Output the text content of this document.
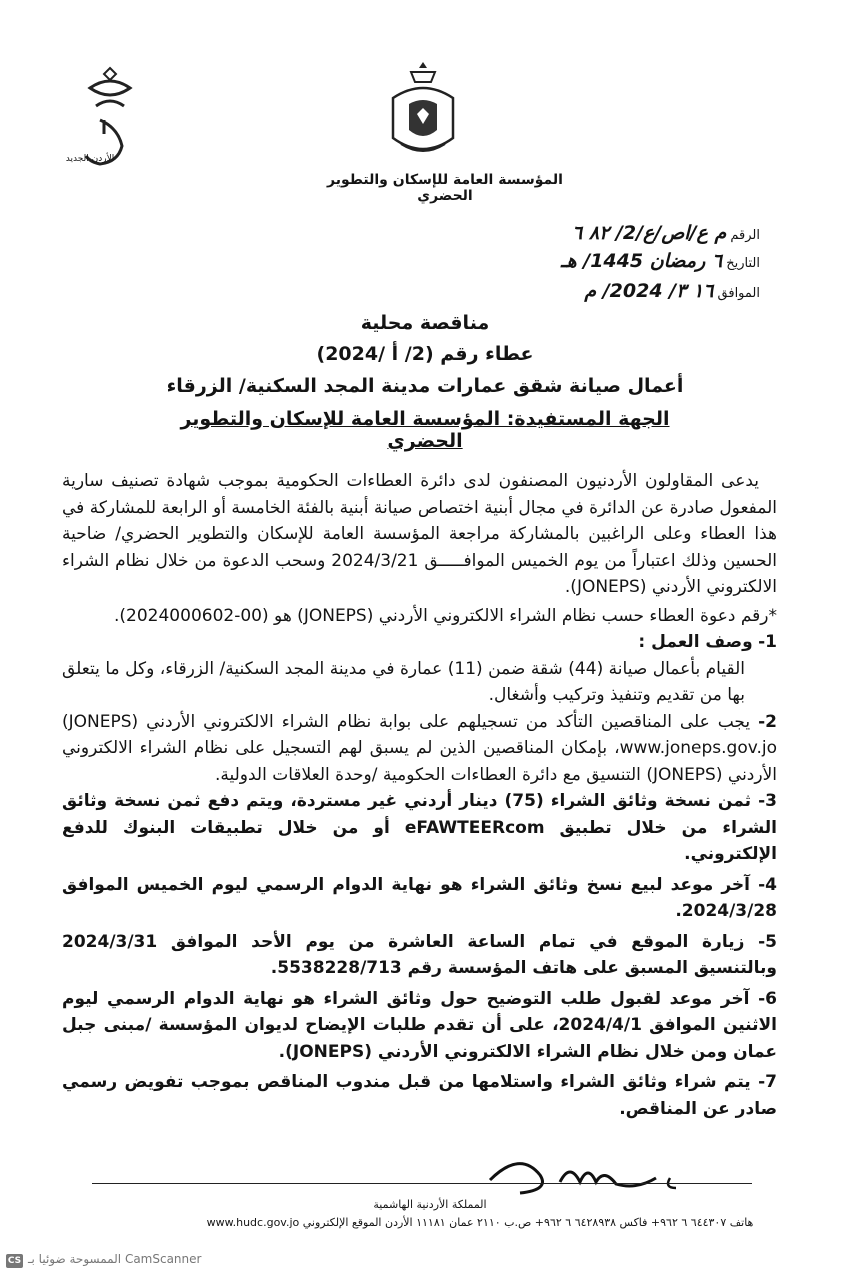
الأردن الجديد
المؤسسة العامة للإسكان والتطوير الحضري
الرقم م ع/اص/ع/2/ ٨٢ ٦
التاريخ ٦ رمضان 1445/ هـ
الموافق ١٦ ٣/ 2024/ م
مناقصة محلية
عطاء رقم (2/ أ /2024)
أعمال صيانة شقق عمارات مدينة المجد السكنية/ الزرقاء
الجهة المستفيدة: المؤسسة العامة للإسكان والتطوير الحضري

يدعى المقاولون الأردنيون المصنفون لدى دائرة العطاءات الحكومية بموجب شهادة تصنيف سارية المفعول صادرة عن الدائرة في مجال أبنية اختصاص صيانة أبنية بالفئة الخامسة أو الرابعة للمشاركة في هذا العطاء وعلى الراغبين بالمشاركة مراجعة المؤسسة العامة للإسكان والتطوير الحضري/ ضاحية الحسين وذلك اعتباراً من يوم الخميس الموافـــــق 2024/3/21 وسحب الدعوة من خلال نظام الشراء الالكتروني الأردني (JONEPS).

*رقم دعوة العطاء حسب نظام الشراء الالكتروني الأردني (JONEPS) هو (00-2024000602).

1- وصف العمل :
القيام بأعمال صيانة (44) شقة ضمن (11) عمارة في مدينة المجد السكنية/ الزرقاء، وكل ما يتعلق بها من تقديم وتنفيذ وتركيب وأشغال.
2- يجب على المناقصين التأكد من تسجيلهم على بوابة نظام الشراء الالكتروني الأردني (JONEPS) www.joneps.gov.jo، بإمكان المناقصين الذين لم يسبق لهم التسجيل على نظام الشراء الالكتروني الأردني (JONEPS) التنسيق مع دائرة العطاءات الحكومية /وحدة العلاقات الدولية.
3- ثمن نسخة وثائق الشراء (75) دينار أردني غير مستردة، ويتم دفع ثمن نسخة وثائق الشراء من خلال تطبيق eFAWTEERcom أو من خلال تطبيقات البنوك للدفع الإلكتروني.
4- آخر موعد لبيع نسخ وثائق الشراء هو نهاية الدوام الرسمي ليوم الخميس الموافق 2024/3/28.
5- زيارة الموقع في تمام الساعة العاشرة من يوم الأحد الموافق 2024/3/31 وبالتنسيق المسبق على هاتف المؤسسة رقم 5538228/713.
6- آخر موعد لقبول طلب التوضيح حول وثائق الشراء هو نهاية الدوام الرسمي ليوم الاثنين الموافق 2024/4/1، على أن تقدم طلبات الإيضاح لديوان المؤسسة /مبنى جبل عمان ومن خلال نظام الشراء الالكتروني الأردني (JONEPS).
7- يتم شراء وثائق الشراء واستلامها من قبل مندوب المناقص بموجب تفويض رسمي صادر عن المناقص.
المملكة الأردنية الهاشمية
هاتف ٦٤٤٣٠٧ ٦ ٩٦٢+ فاكس ٦٤٢٨٩٣٨ ٦ ٩٦٢+ ص.ب ٢١١٠ عمان ١١١٨١ الأردن الموقع الإلكتروني www.hudc.gov.jo
CS CamScanner الممسوحة ضوئيا بـ
